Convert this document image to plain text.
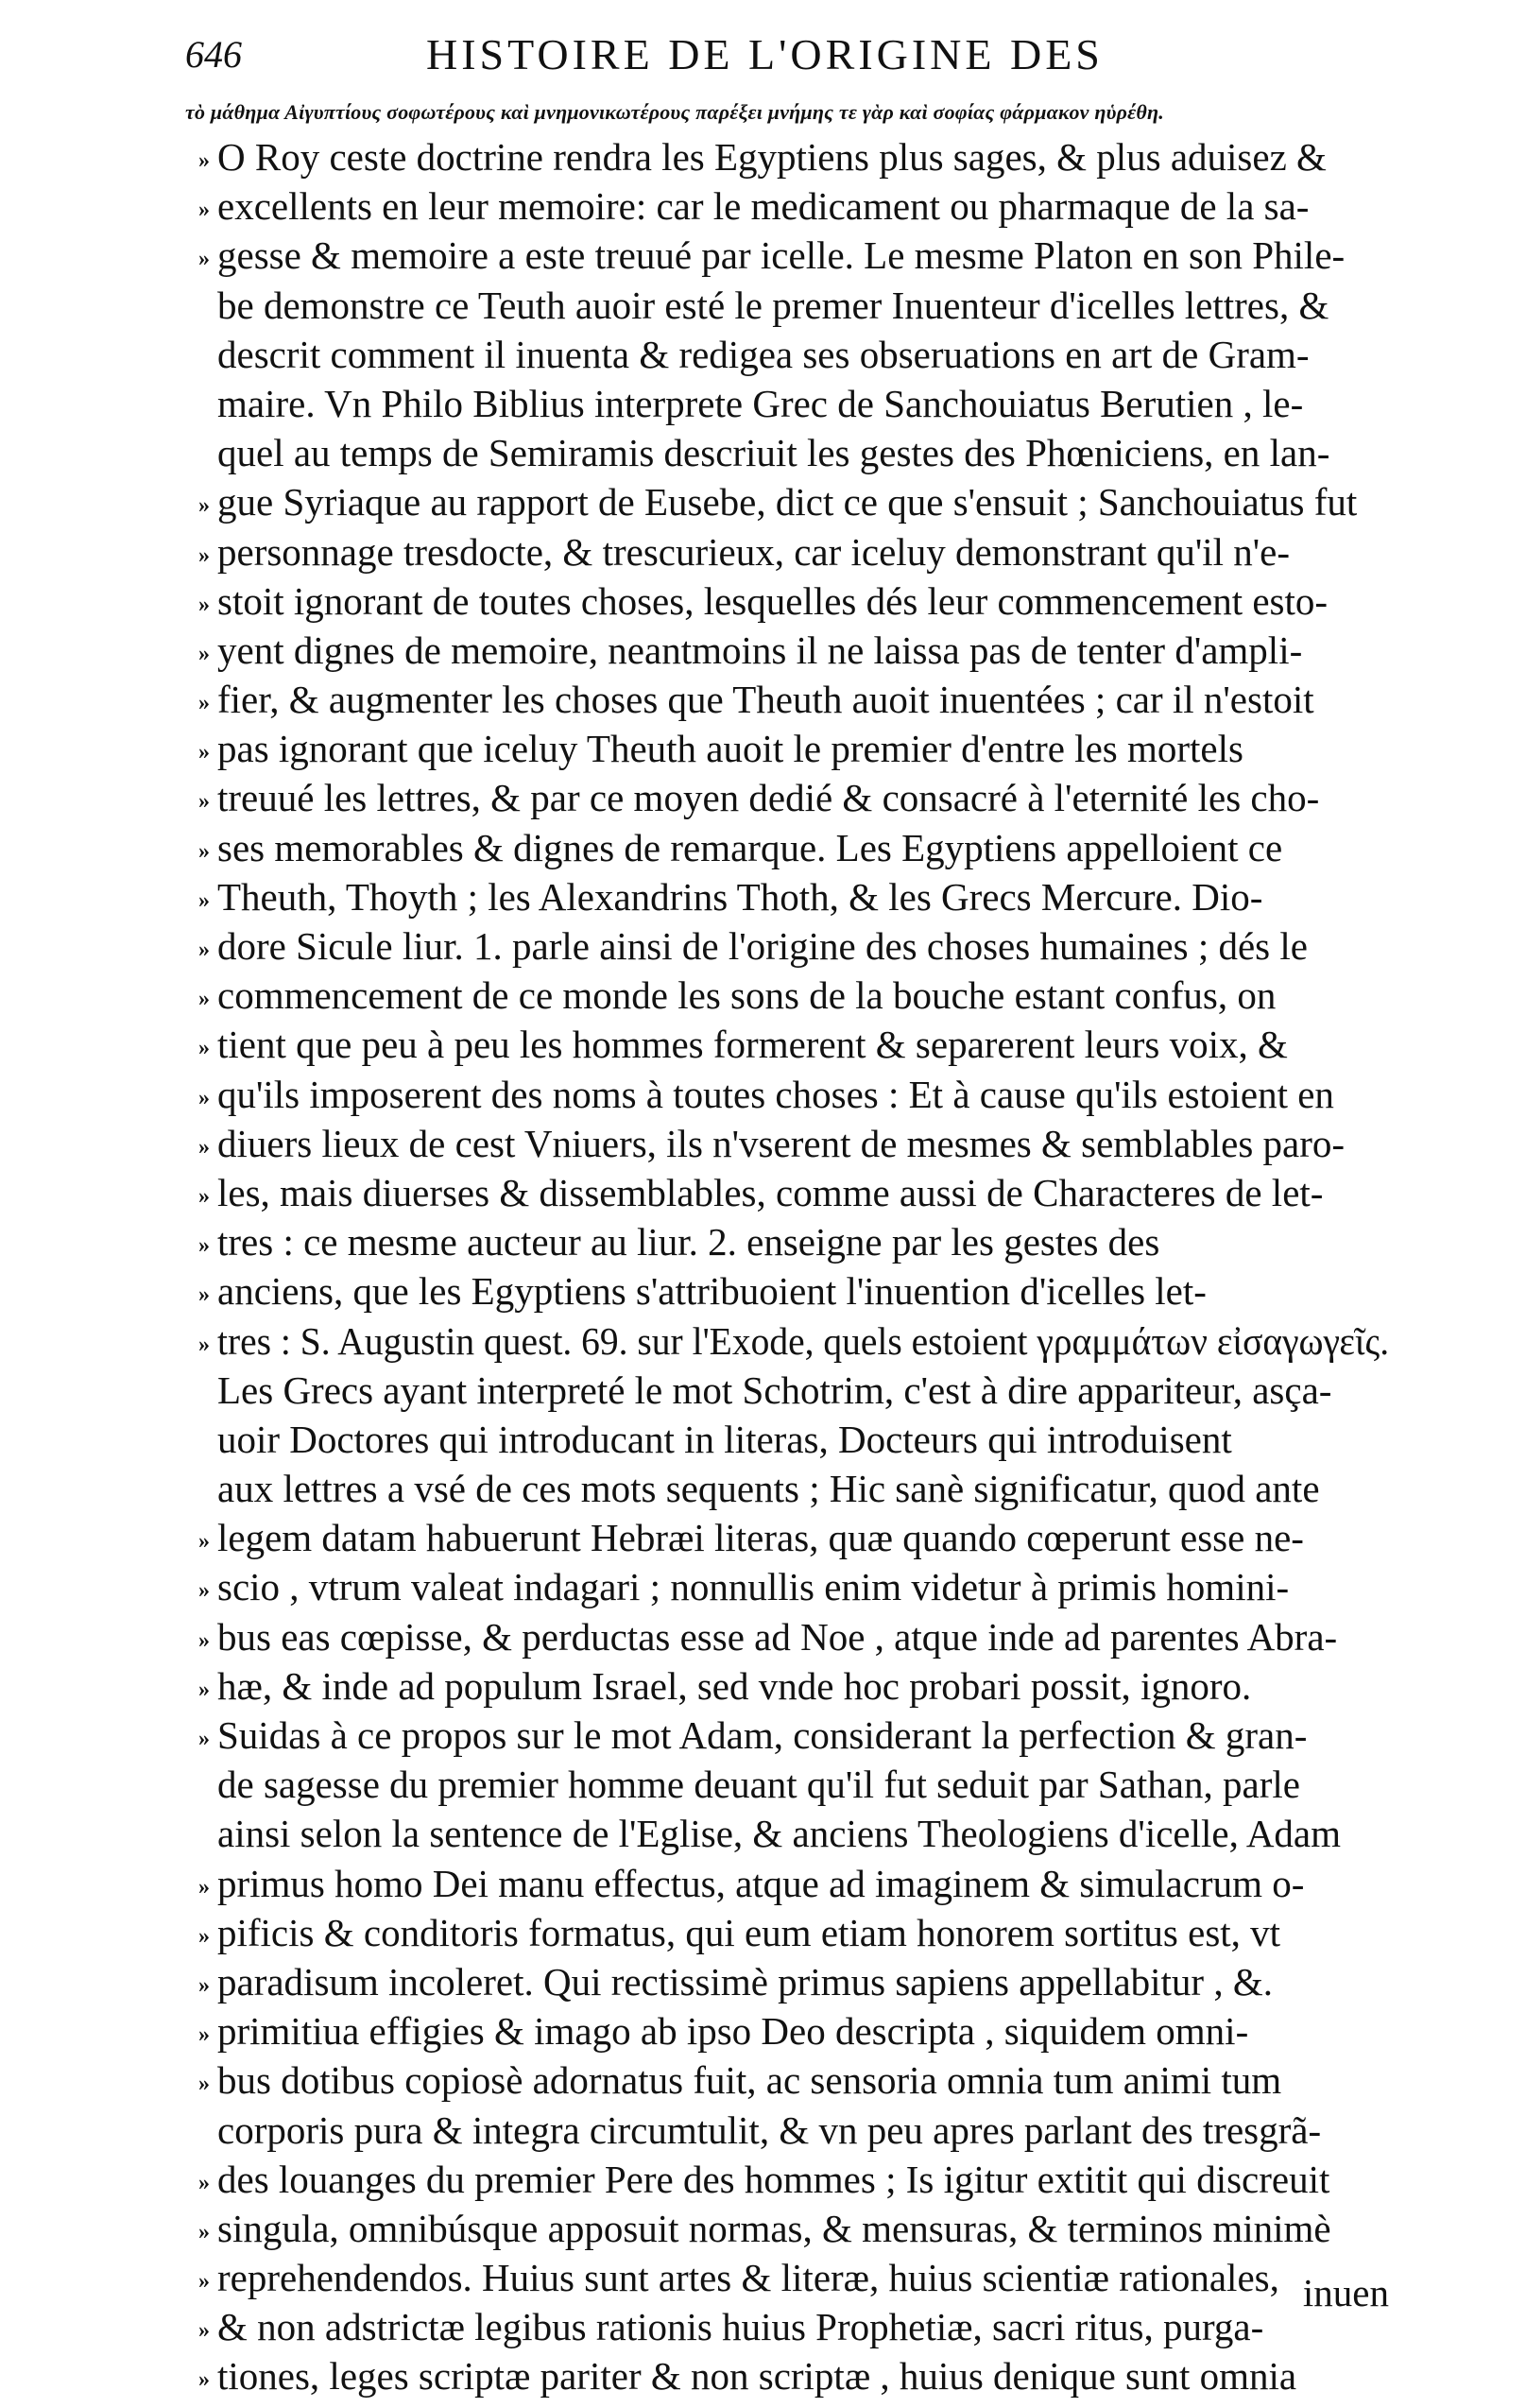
646	HISTOIRE DE L'ORIGINE DES
τὸ μάθημα Αἰγυπτίους σοφωτέρους καὶ μνημονικωτέρους παρέξει μνήμης τε γὰρ καὶ σοφίας φάρμακον ηὑρέθη.
» O Roy ceste doctrine rendra les Egyptiens plus sages, & plus aduisez &
» excellents en leur memoire: car le medicament ou pharmaque de la sa-
» gesse & memoire a este treuué par icelle. Le mesme Platon en son Phile-
be demonstre ce Teuth auoir esté le premer Inuenteur d'icelles lettres, &
descrit comment il inuenta & redigea ses obseruations en art de Gram-
maire. Vn Philo Biblius interprete Grec de Sanchouiatus Berutien , le-
quel au temps de Semiramis descriuit les gestes des Phœniciens, en lan-
» gue Syriaque au rapport de Eusebe, dict ce que s'ensuit ; Sanchouiatus fut
» personnage tresdocte, & trescurieux, car iceluy demonstrant qu'il n'e-
» stoit ignorant de toutes choses, lesquelles dés leur commencement esto-
» yent dignes de memoire, neantmoins il ne laissa pas de tenter d'ampli-
» fier, & augmenter les choses que Theuth auoit inuentées ; car il n'estoit
» pas ignorant que iceluy Theuth auoit le premier d'entre les mortels
» treuué les lettres, & par ce moyen dedié & consacré à l'eternité les cho-
» ses memorables & dignes de remarque. Les Egyptiens appelloient ce
» Theuth, Thoyth ; les Alexandrins Thoth, & les Grecs Mercure. Dio-
» dore Sicule liur. 1. parle ainsi de l'origine des choses humaines ; dés le
» commencement de ce monde les sons de la bouche estant confus, on
» tient que peu à peu les hommes formerent & separerent leurs voix, &
» qu'ils imposerent des noms à toutes choses : Et à cause qu'ils estoient en
» diuers lieux de cest Vniuers, ils n'vserent de mesmes & semblables paro-
» les, mais diuerses & dissemblables, comme aussi de Characteres de let-
» tres : ce mesme aucteur au liur. 2. enseigne par les gestes des
» anciens, que les Egyptiens s'attribuoient l'inuention d'icelles let-
» tres : S. Augustin quest. 69. sur l'Exode, quels estoient γραμμάτων εἰσαγωγεῖς.
Les Grecs ayant interpreté le mot Schotrim, c'est à dire appariteur, asça-
uoir Doctores qui introducant in literas, Docteurs qui introduisent
aux lettres a vsé de ces mots sequents ; Hic sanè significatur, quod ante
» legem datam habuerunt Hebræi literas, quæ quando cœperunt esse ne-
» scio , vtrum valeat indagari ; nonnullis enim videtur à primis homini-
» bus eas cœpisse, & perductas esse ad Noe , atque inde ad parentes Abra-
» hæ, & inde ad populum Israel, sed vnde hoc probari possit, ignoro.
» Suidas à ce propos sur le mot Adam, considerant la perfection & gran-
de sagesse du premier homme deuant qu'il fut seduit par Sathan, parle
ainsi selon la sentence de l'Eglise, & anciens Theologiens d'icelle, Adam
» primus homo Dei manu effectus, atque ad imaginem & simulacrum o-
» pificis & conditoris formatus, qui eum etiam honorem sortitus est, vt
» paradisum incoleret. Qui rectissimè primus sapiens appellabitur , &.
» primitiua effigies & imago ab ipso Deo descripta , siquidem omni-
» bus dotibus copiosè adornatus fuit, ac sensoria omnia tum animi tum
corporis pura & integra circumtulit, & vn peu apres parlant des tresgrã-
» des louanges du premier Pere des hommes ; Is igitur extitit qui discreuit
» singula, omnibúsque apposuit normas, & mensuras, & terminos minimè
» reprehendendos. Huius sunt artes & literæ, huius scientiæ rationales,
» & non adstrictæ legibus rationis huius Prophetiæ, sacri ritus, purga-
» tiones, leges scriptæ pariter & non scriptæ , huius denique sunt omnia
inuen
